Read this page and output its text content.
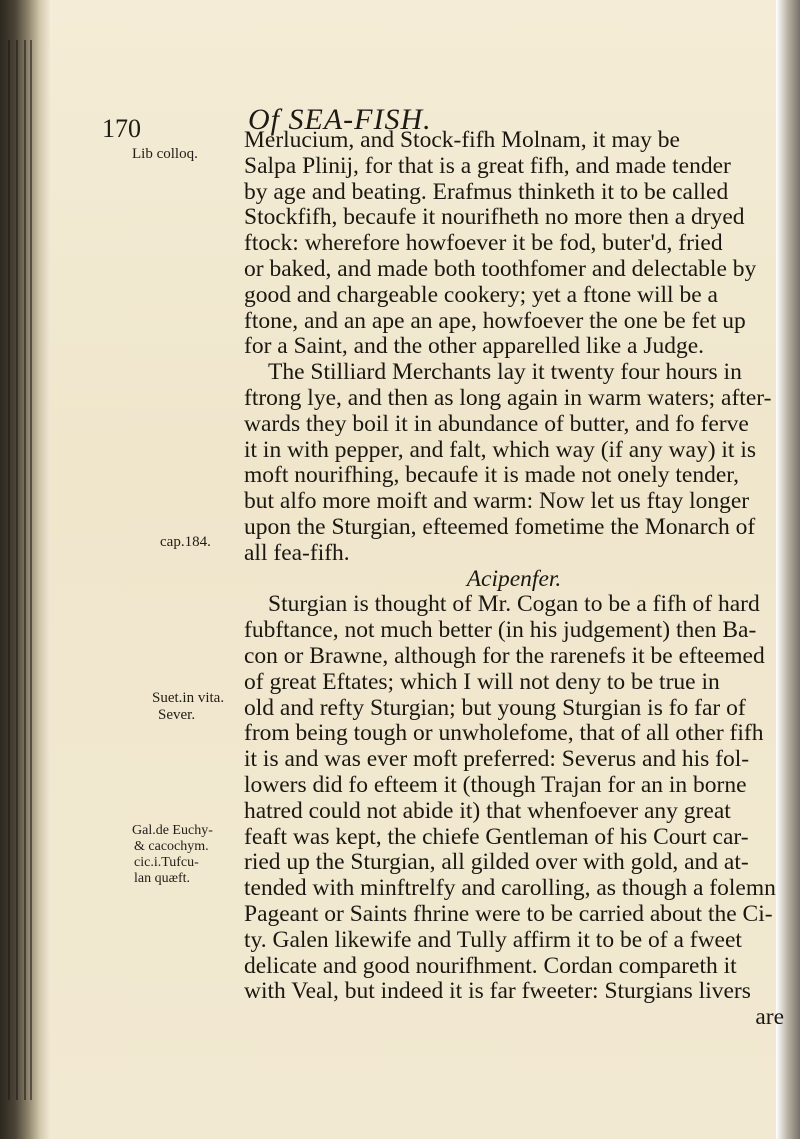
170	Of SEA-FISH.
Lib colloq.
cap.184.
Suet.in vita.
Sever.
Gal.de Euchy-
& cacochym.
cic.i.Tufcu-
lan quæft.
Merlucium, and Stock-fifh Molnam, it may be
Salpa Plinij, for that is a great fifh, and made tender
by age and beating. Erafmus thinketh it to be called
Stockfifh, becaufe it nourifheth no more then a dryed
ftock: wherefore howfoever it be fod, buter'd, fried
or baked, and made both toothfomer and delectable by
good and chargeable cookery; yet a ftone will be a
ftone, and an ape an ape, howfoever the one be fet up
for a Saint, and the other apparelled like a Judge.
The Stilliard Merchants lay it twenty four hours in
ftrong lye, and then as long again in warm waters; after-
wards they boil it in abundance of butter, and fo ferve
it in with pepper, and falt, which way (if any way) it is
moft nourifhing, becaufe it is made not onely tender,
but alfo more moift and warm: Now let us ftay longer
upon the Sturgian, efteemed fometime the Monarch of
all fea-fifh.
Acipenfer.
Sturgian is thought of Mr. Cogan to be a fifh of hard
fubftance, not much better (in his judgement) then Ba-
con or Brawne, although for the rarenefs it be efteemed
of great Eftates; which I will not deny to be true in
old and refty Sturgian; but young Sturgian is fo far of
from being tough or unwholefome, that of all other fifh
it is and was ever moft preferred: Severus and his fol-
lowers did fo efteem it (though Trajan for an in borne
hatred could not abide it) that whenfoever any great
feaft was kept, the chiefe Gentleman of his Court car-
ried up the Sturgian, all gilded over with gold, and at-
tended with minftrelfy and carolling, as though a folemn
Pageant or Saints fhrine were to be carried about the Ci-
ty. Galen likewife and Tully affirm it to be of a fweet
delicate and good nourifhment. Cordan compareth it
with Veal, but indeed it is far fweeter: Sturgians livers
are
